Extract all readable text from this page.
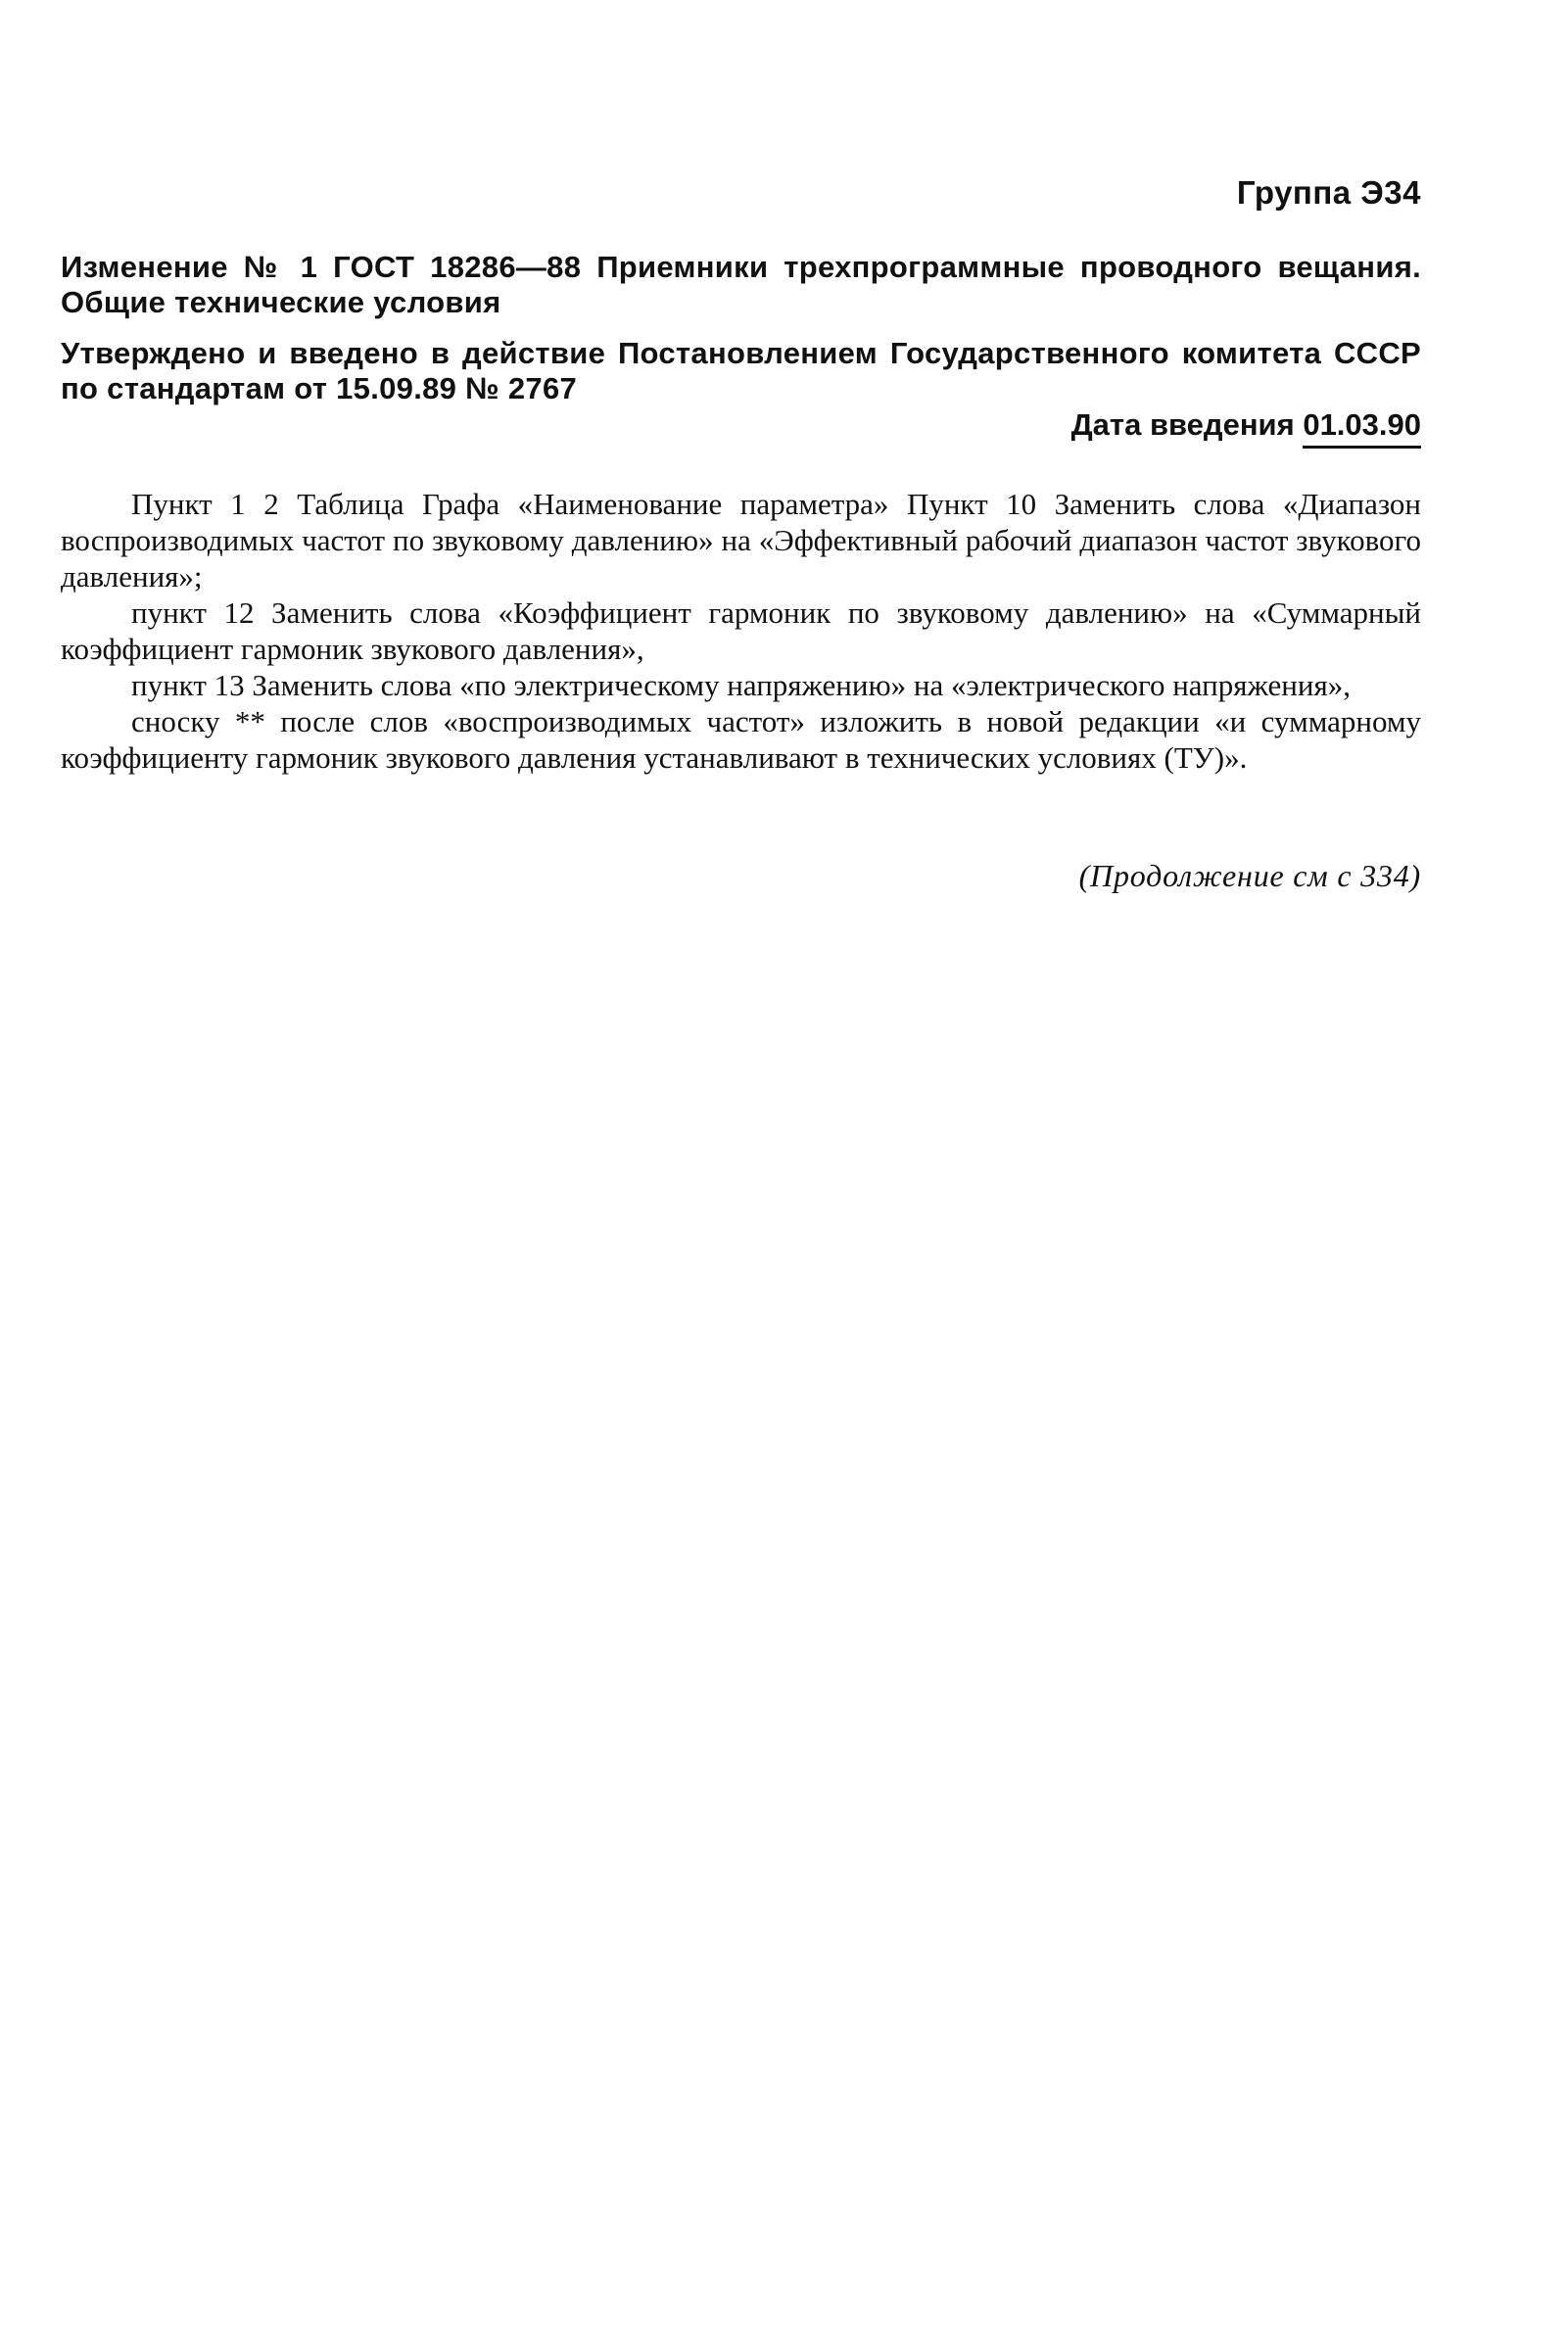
Группа Э34
Изменение № 1 ГОСТ 18286—88 Приемники трехпрограммные проводного вещания. Общие технические условия
Утверждено и введено в действие Постановлением Государственного комитета СССР по стандартам от 15.09.89 № 2767
Дата введения 01.03.90

Пункт 1 2 Таблица Графа «Наименование параметра» Пункт 10 Заменить слова «Диапазон воспроизводимых частот по звуковому давлению» на «Эффективный рабочий диапазон частот звукового давления»;

пункт 12 Заменить слова «Коэффициент гармоник по звуковому давлению» на «Суммарный коэффициент гармоник звукового давления»,

пункт 13 Заменить слова «по электрическому напряжению» на «электрического напряжения»,

сноску ** после слов «воспроизводимых частот» изложить в новой редакции «и суммарному коэффициенту гармоник звукового давления устанавливают в технических условиях (ТУ)».

(Продолжение см с 334)
